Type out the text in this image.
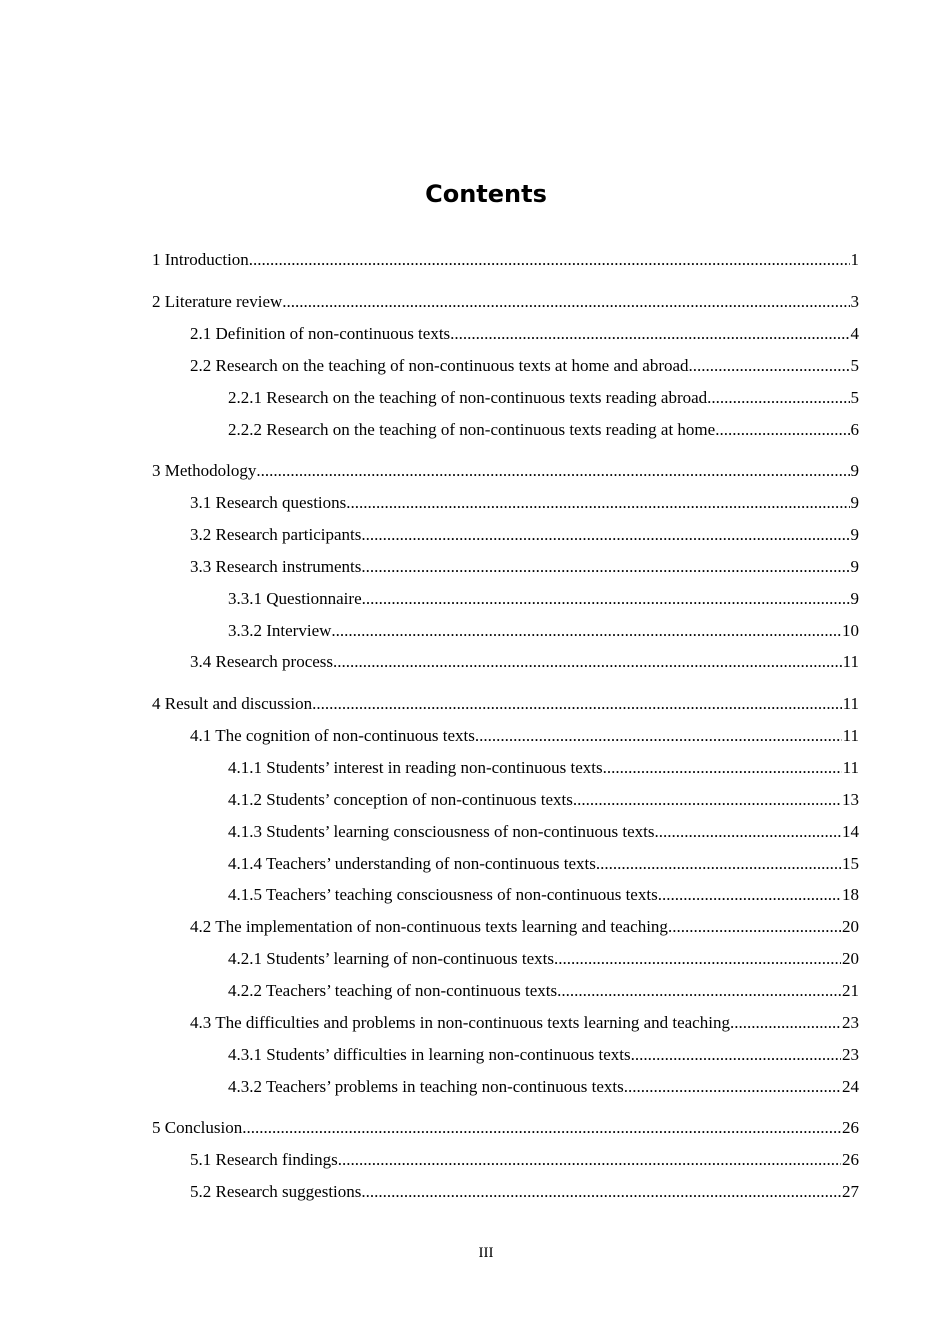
Contents
1 Introduction .....	1
2 Literature review .....	3
2.1 Definition of non-continuous texts .....	4
2.2 Research on the teaching of non-continuous texts at home and abroad .....	5
2.2.1 Research on the teaching of non-continuous texts reading abroad .....	5
2.2.2 Research on the teaching of non-continuous texts reading at home .....	6
3 Methodology .....	9
3.1 Research questions .....	9
3.2 Research participants .....	9
3.3 Research instruments .....	9
3.3.1 Questionnaire .....	9
3.3.2 Interview .....	10
3.4 Research process .....	11
4 Result and discussion .....	11
4.1 The cognition of non-continuous texts .....	11
4.1.1 Students’ interest in reading non-continuous texts .....	11
4.1.2 Students’ conception of non-continuous texts .....	13
4.1.3 Students’ learning consciousness of non-continuous texts .....	14
4.1.4 Teachers’ understanding of non-continuous texts .....	15
4.1.5 Teachers’ teaching consciousness of non-continuous texts .....	18
4.2 The implementation of non-continuous texts learning and teaching .....	20
4.2.1 Students’ learning of non-continuous texts .....	20
4.2.2 Teachers’ teaching of non-continuous texts .....	21
4.3 The difficulties and problems in non-continuous texts learning and teaching .....	23
4.3.1 Students’ difficulties in learning non-continuous texts .....	23
4.3.2 Teachers’ problems in teaching non-continuous texts .....	24
5 Conclusion .....	26
5.1 Research findings .....	26
5.2 Research suggestions .....	27
III
